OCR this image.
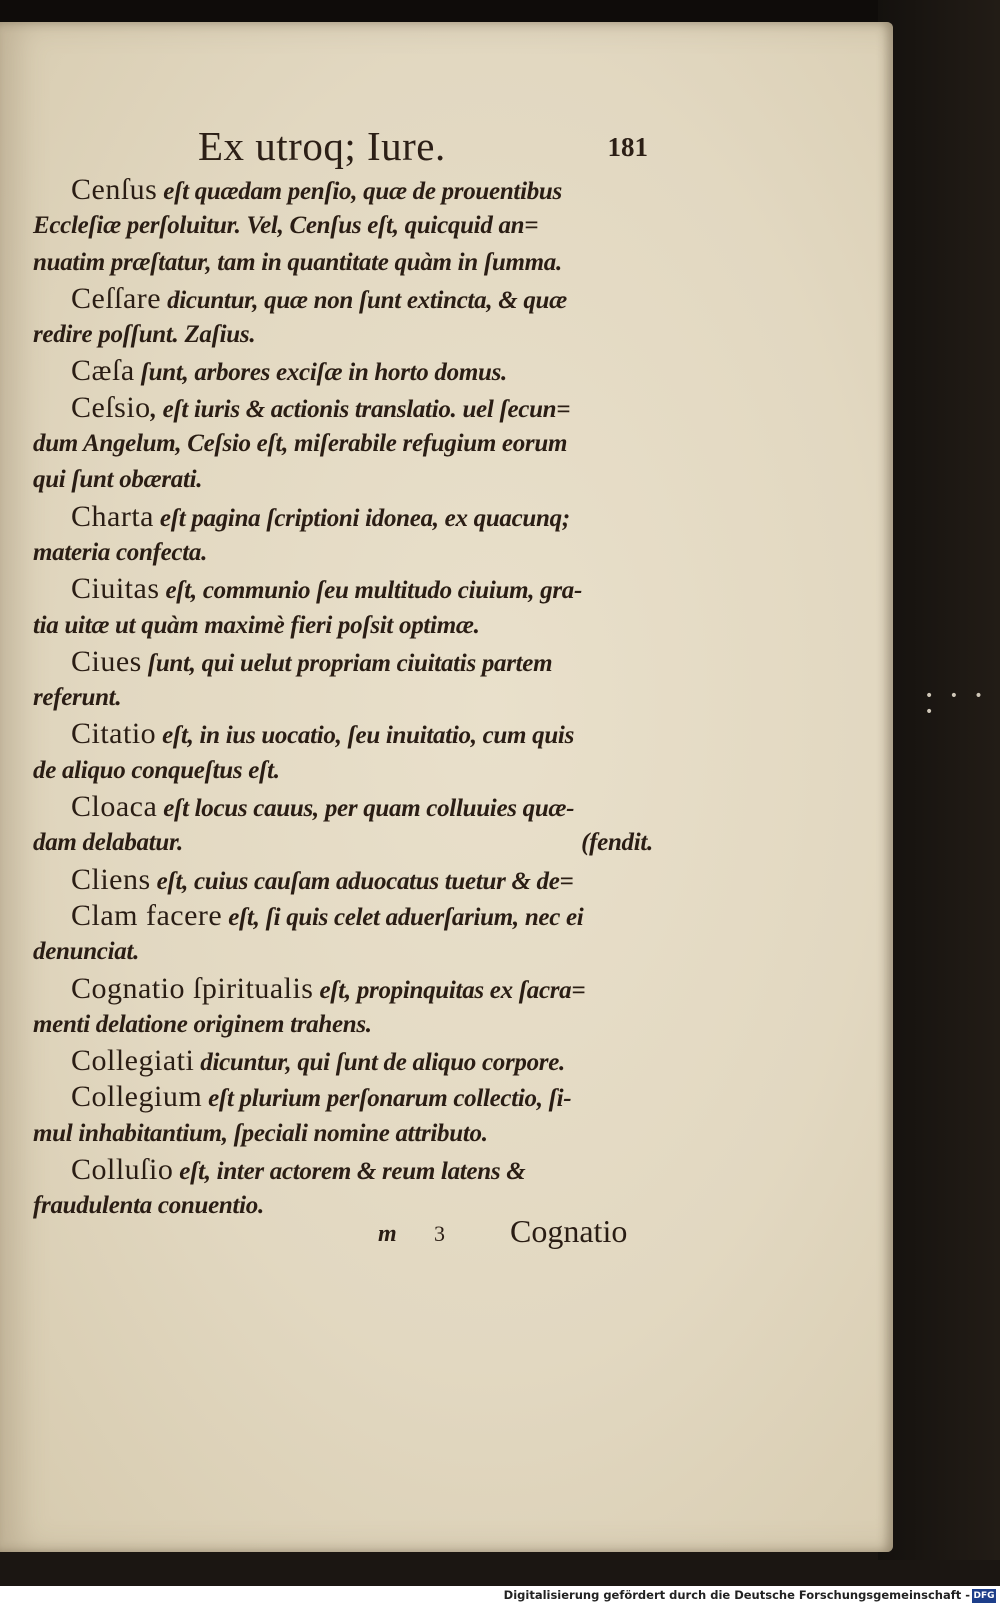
• • • •
Ex utroq; Iure.	181
Cenſus eſt quædam penſio, quæ de prouentibus
Eccleſiæ perſoluitur. Vel, Cenſus eſt, quicquid an=
nuatim præſtatur, tam in quantitate quàm in ſumma.
Ceſſare dicuntur, quæ non ſunt extincta, & quæ
redire poſſunt. Zaſius.
Cæſa ſunt, arbores exciſæ in horto domus.
Ceſsio, eſt iuris & actionis translatio. uel ſecun=
dum Angelum, Ceſsio eſt, miſerabile refugium eorum
qui ſunt obærati.
Charta eſt pagina ſcriptioni idonea, ex quacunq;
materia confecta.
Ciuitas eſt, communio ſeu multitudo ciuium, gra-
tia uitæ ut quàm maximè fieri poſsit optimæ.
Ciues ſunt, qui uelut propriam ciuitatis partem
referunt.
Citatio eſt, in ius uocatio, ſeu inuitatio, cum quis
de aliquo conqueſtus eſt.
Cloaca eſt locus cauus, per quam colluuies quæ-
dam delabatur.	(fendit.
Cliens eſt, cuius cauſam aduocatus tuetur & de=
Clam facere eſt, ſi quis celet aduerſarium, nec ei
denunciat.
Cognatio ſpiritualis eſt, propinquitas ex ſacra=
menti delatione originem trahens.
Collegiati dicuntur, qui ſunt de aliquo corpore.
Collegium eſt plurium perſonarum collectio, ſi-
mul inhabitantium, ſpeciali nomine attributo.
Colluſio eſt, inter actorem & reum latens &
fraudulenta conuentio.
m 3 Cognatio
Digitalisierung gefördert durch die Deutsche Forschungsgemeinschaft - DFG
